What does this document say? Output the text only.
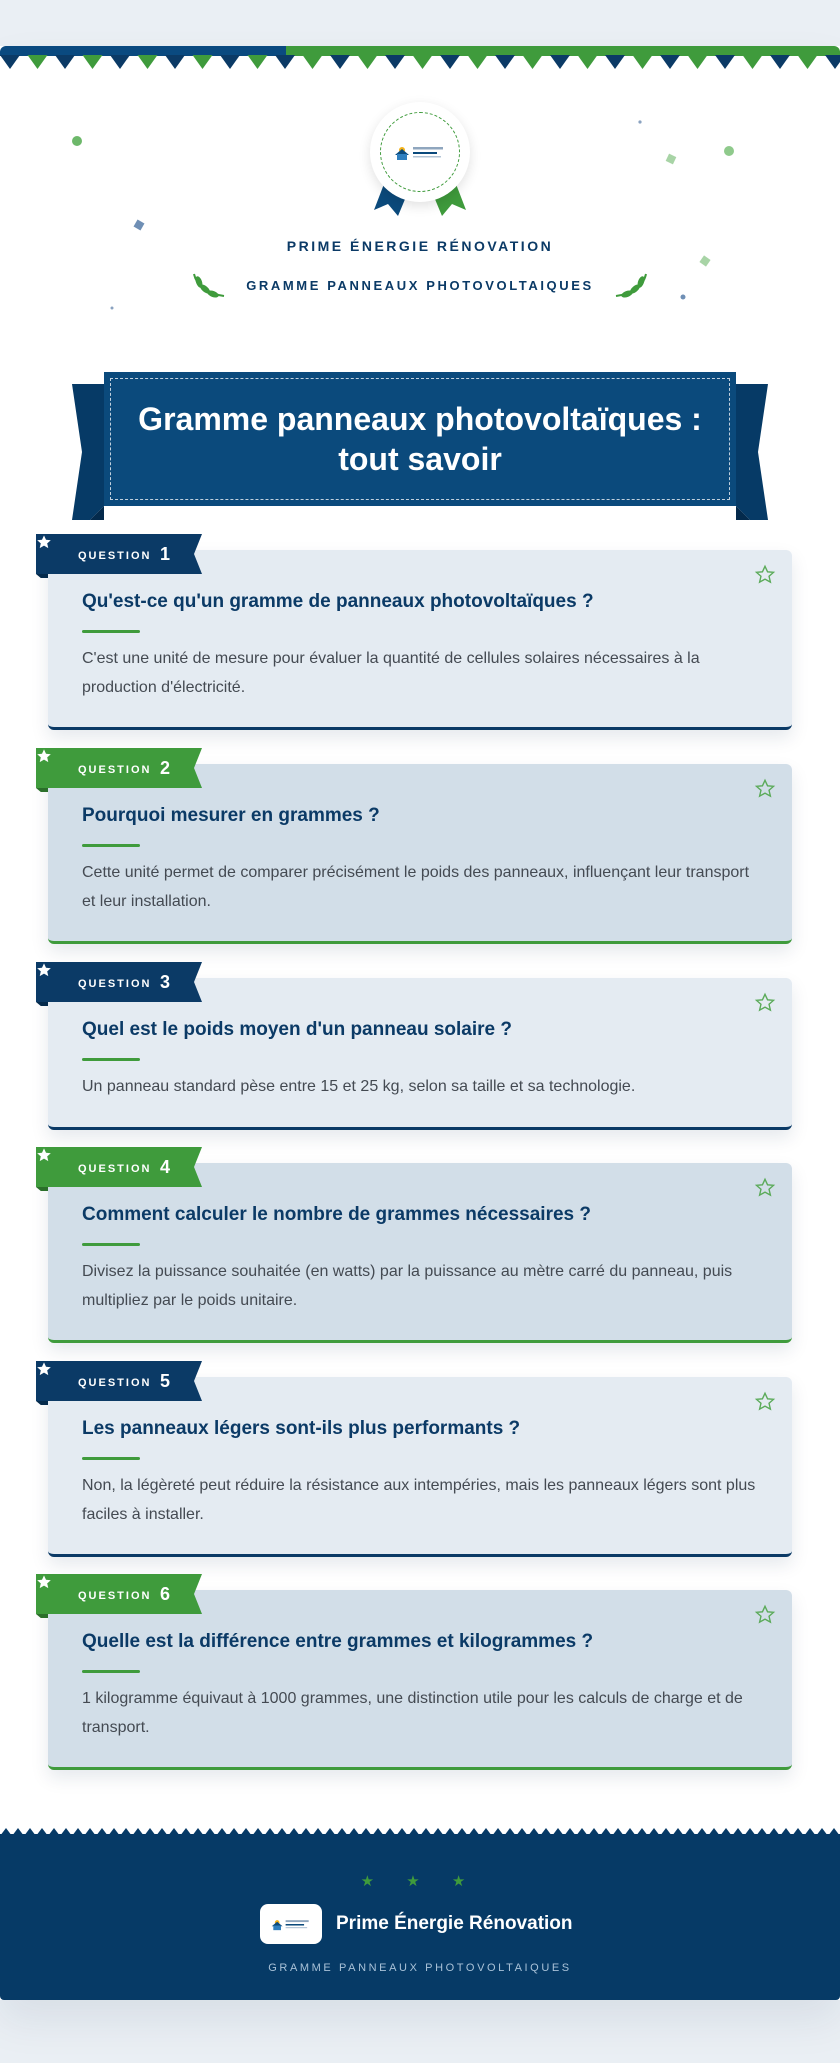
PRIME ÉNERGIE RÉNOVATION
GRAMME PANNEAUX PHOTOVOLTAIQUES
Gramme panneaux photovoltaïques : tout savoir
Qu'est-ce qu'un gramme de panneaux photovoltaïques ?
C'est une unité de mesure pour évaluer la quantité de cellules solaires nécessaires à la production d'électricité.
QUESTION 1
Pourquoi mesurer en grammes ?
Cette unité permet de comparer précisément le poids des panneaux, influençant leur transport et leur installation.
QUESTION 2
Quel est le poids moyen d'un panneau solaire ?
Un panneau standard pèse entre 15 et 25 kg, selon sa taille et sa technologie.
QUESTION 3
Comment calculer le nombre de grammes nécessaires ?
Divisez la puissance souhaitée (en watts) par la puissance au mètre carré du panneau, puis multipliez par le poids unitaire.
QUESTION 4
Les panneaux légers sont-ils plus performants ?
Non, la légèreté peut réduire la résistance aux intempéries, mais les panneaux légers sont plus faciles à installer.
QUESTION 5
Quelle est la différence entre grammes et kilogrammes ?
1 kilogramme équivaut à 1000 grammes, une distinction utile pour les calculs de charge et de transport.
QUESTION 6
★ ★ ★
Prime Énergie Rénovation
GRAMME PANNEAUX PHOTOVOLTAIQUES
